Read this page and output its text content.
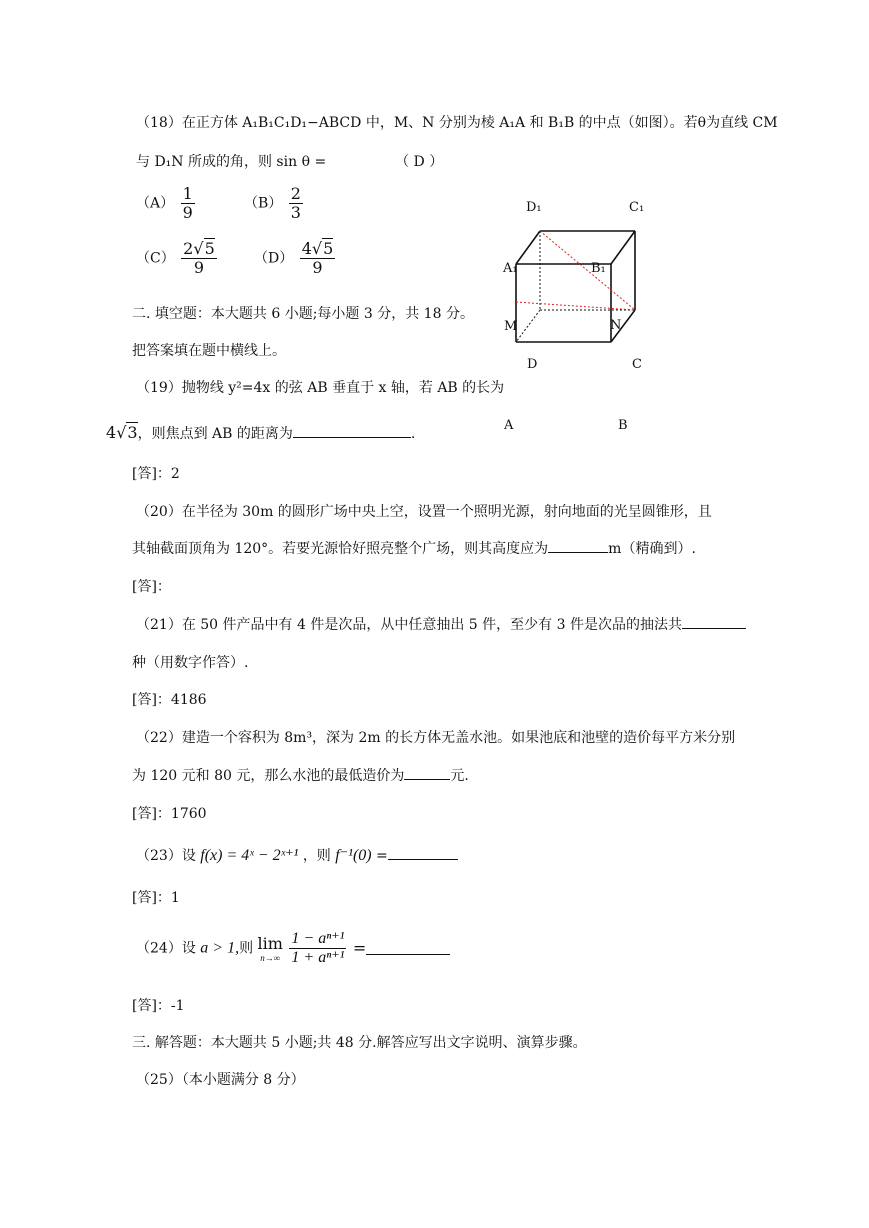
（18）在正方体 A₁B₁C₁D₁−ABCD 中，M、N 分别为棱 A₁A 和 B₁B 的中点（如图）。若θ为直线 CM
与 D₁N 所成的角，则 sin θ =	（ D ）
$(A) \frac{1}{9}$	$(B) \frac{2}{3}$
$(C) \frac{2√5}{9}$	$(D) \frac{4√5}{9}$
D₁	C₁
A₁	B₁
M	N
D	C
A	B
二. 填空题：本大题共 6 小题;每小题 3 分，共 18 分。
把答案填在题中横线上。
（19）抛物线 y²=4x 的弦 AB 垂直于 x 轴，若 AB 的长为
4√3，则焦点到 AB 的距离为	.
[答]：2
（20）在半径为 30m 的圆形广场中央上空，设置一个照明光源，射向地面的光呈圆锥形，且
其轴截面顶角为 120°。若要光源恰好照亮整个广场，则其高度应为	m（精确到）.
[答]：
（21）在 50 件产品中有 4 件是次品，从中任意抽出 5 件，至少有 3 件是次品的抽法共
种（用数字作答）.
[答]：4186
（22）建造一个容积为 8m³，深为 2m 的长方体无盖水池。如果池底和池壁的造价每平方米分别
为 120 元和 80 元，那么水池的最低造价为	元.
[答]：1760
（23）设 f(x) = 4ˣ − 2ˣ⁺¹ ，则 f⁻¹(0) =
[答]：1
（24）设 a > 1,则 lim
n→∞
$\frac{\text{1 − aⁿ⁺¹}}{\text{1 + aⁿ⁺¹}}$ =
[答]：-1
三. 解答题：本大题共 5 小题;共 48 分.解答应写出文字说明、演算步骤。
（25）（本小题满分 8 分）
